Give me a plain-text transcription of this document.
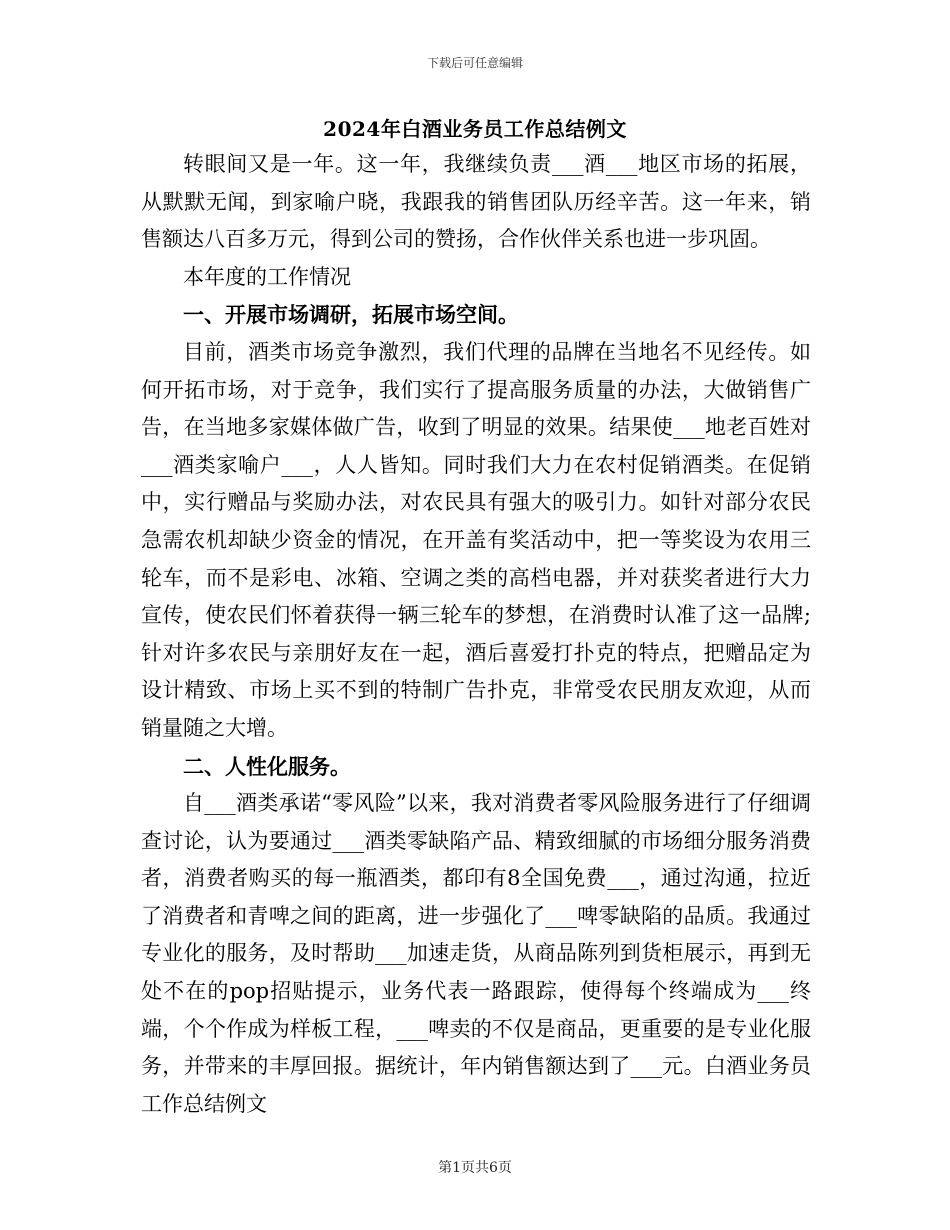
下载后可任意编辑
2024年白酒业务员工作总结例文

转眼间又是一年。这一年，我继续负责___酒___地区市场的拓展，从默默无闻，到家喻户晓，我跟我的销售团队历经辛苦。这一年来，销售额达八百多万元，得到公司的赞扬，合作伙伴关系也进一步巩固。

本年度的工作情况

一、开展市场调研，拓展市场空间。

目前，酒类市场竞争激烈，我们代理的品牌在当地名不见经传。如何开拓市场，对于竞争，我们实行了提高服务质量的办法，大做销售广告，在当地多家媒体做广告，收到了明显的效果。结果使___地老百姓对___酒类家喻户___，人人皆知。同时我们大力在农村促销酒类。在促销中，实行赠品与奖励办法，对农民具有强大的吸引力。如针对部分农民急需农机却缺少资金的情况，在开盖有奖活动中，把一等奖设为农用三轮车，而不是彩电、冰箱、空调之类的高档电器，并对获奖者进行大力宣传，使农民们怀着获得一辆三轮车的梦想，在消费时认准了这一品牌;针对许多农民与亲朋好友在一起，酒后喜爱打扑克的特点，把赠品定为设计精致、市场上买不到的特制广告扑克，非常受农民朋友欢迎，从而销量随之大增。

二、人性化服务。

自___酒类承诺“零风险”以来，我对消费者零风险服务进行了仔细调查讨论，认为要通过___酒类零缺陷产品、精致细腻的市场细分服务消费者，消费者购买的每一瓶酒类，都印有8全国免费___，通过沟通，拉近了消费者和青啤之间的距离，进一步强化了___啤零缺陷的品质。我通过专业化的服务，及时帮助___加速走货，从商品陈列到货柜展示，再到无处不在的pop招贴提示，业务代表一路跟踪，使得每个终端成为___终端，个个作成为样板工程，___啤卖的不仅是商品，更重要的是专业化服务，并带来的丰厚回报。据统计，年内销售额达到了___元。白酒业务员工作总结例文

第1页共6页
